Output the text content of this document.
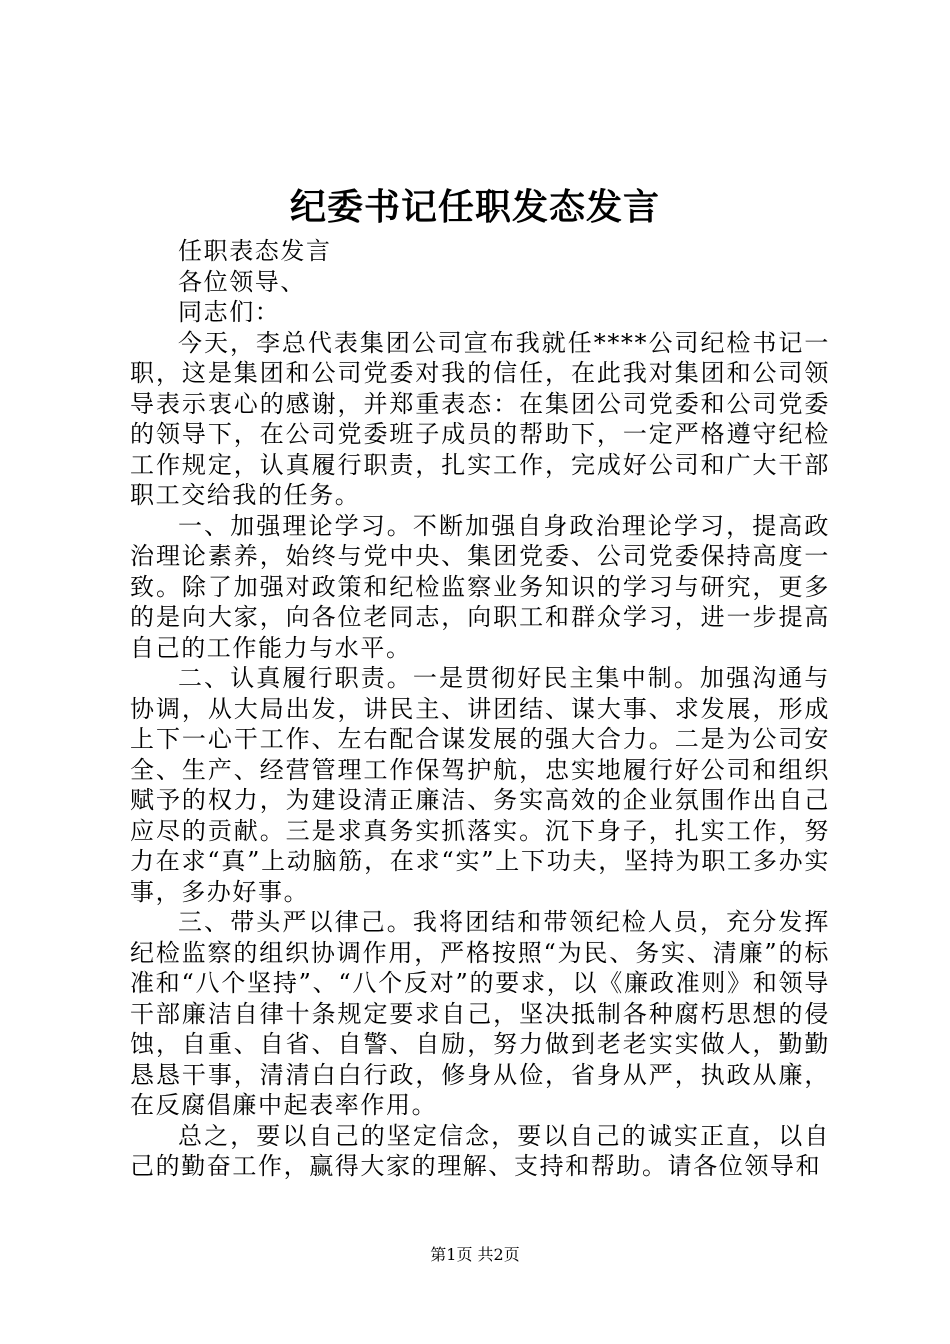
纪委书记任职发态发言

任职表态发言

各位领导、

同志们：

今天，李总代表集团公司宣布我就任****公司纪检书记一职，这是集团和公司党委对我的信任，在此我对集团和公司领导表示衷心的感谢，并郑重表态：在集团公司党委和公司党委的领导下，在公司党委班子成员的帮助下，一定严格遵守纪检工作规定，认真履行职责，扎实工作，完成好公司和广大干部职工交给我的任务。

一、加强理论学习。不断加强自身政治理论学习，提高政治理论素养，始终与党中央、集团党委、公司党委保持高度一致。除了加强对政策和纪检监察业务知识的学习与研究，更多的是向大家，向各位老同志，向职工和群众学习，进一步提高自己的工作能力与水平。

二、认真履行职责。一是贯彻好民主集中制。加强沟通与协调，从大局出发，讲民主、讲团结、谋大事、求发展，形成上下一心干工作、左右配合谋发展的强大合力。二是为公司安全、生产、经营管理工作保驾护航，忠实地履行好公司和组织赋予的权力，为建设清正廉洁、务实高效的企业氛围作出自己应尽的贡献。三是求真务实抓落实。沉下身子，扎实工作，努力在求“真”上动脑筋，在求“实”上下功夫，坚持为职工多办实事，多办好事。

三、带头严以律己。我将团结和带领纪检人员，充分发挥纪检监察的组织协调作用，严格按照“为民、务实、清廉”的标准和“八个坚持”、“八个反对”的要求，以《廉政准则》和领导干部廉洁自律十条规定要求自己，坚决抵制各种腐朽思想的侵蚀，自重、自省、自警、自励，努力做到老老实实做人，勤勤恳恳干事，清清白白行政，修身从俭，省身从严，执政从廉，在反腐倡廉中起表率作用。

总之，要以自己的坚定信念，要以自己的诚实正直，以自己的勤奋工作，赢得大家的理解、支持和帮助。请各位领导和

第1页 共2页
